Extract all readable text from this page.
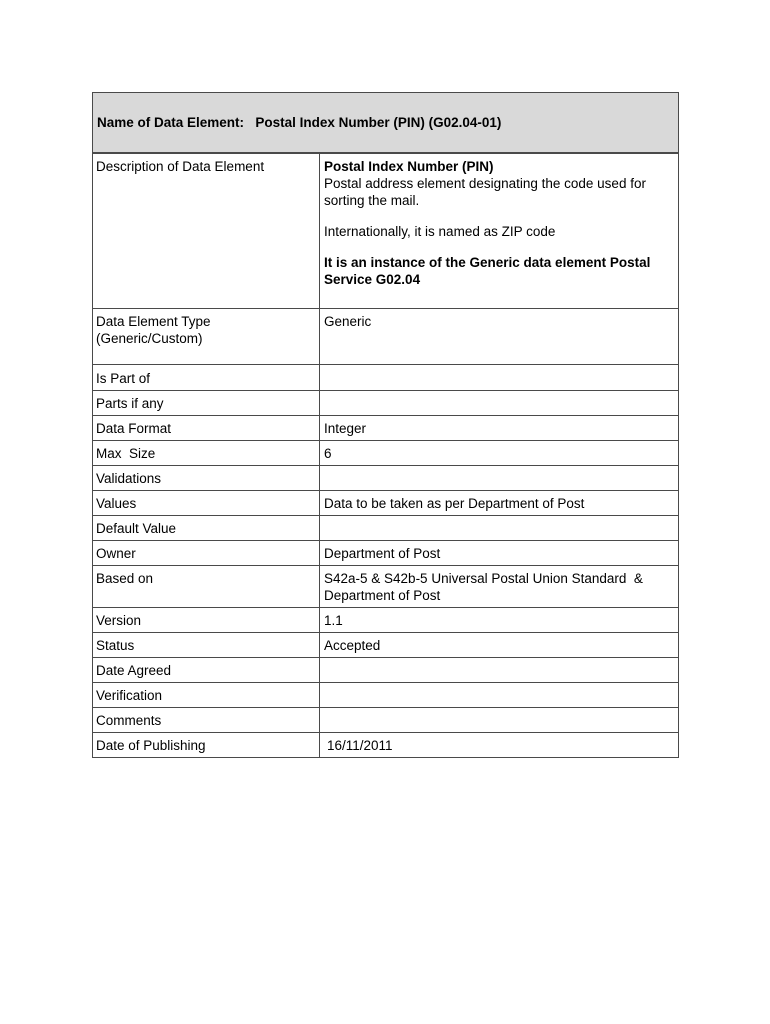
Name of Data Element: Postal Index Number (PIN) (G02.04-01)	
Description of Data Element	Postal Index Number (PIN)

Postal address element designating the code used for sorting the mail.

Internationally, it is named as ZIP code

It is an instance of the Generic data element Postal Service G02.04

Data Element Type
(Generic/Custom)	Generic
Is Part of	
Parts if any	
Data Format	Integer
Max  Size	6
Validations	
Values	Data to be taken as per Department of Post
Default Value	
Owner	Department of Post
Based on	S42a-5 & S42b-5 Universal Postal Union Standard  & Department of Post
Version	1.1
Status	Accepted
Date Agreed	
Verification	
Comments	
Date of Publishing	16/11/2011
